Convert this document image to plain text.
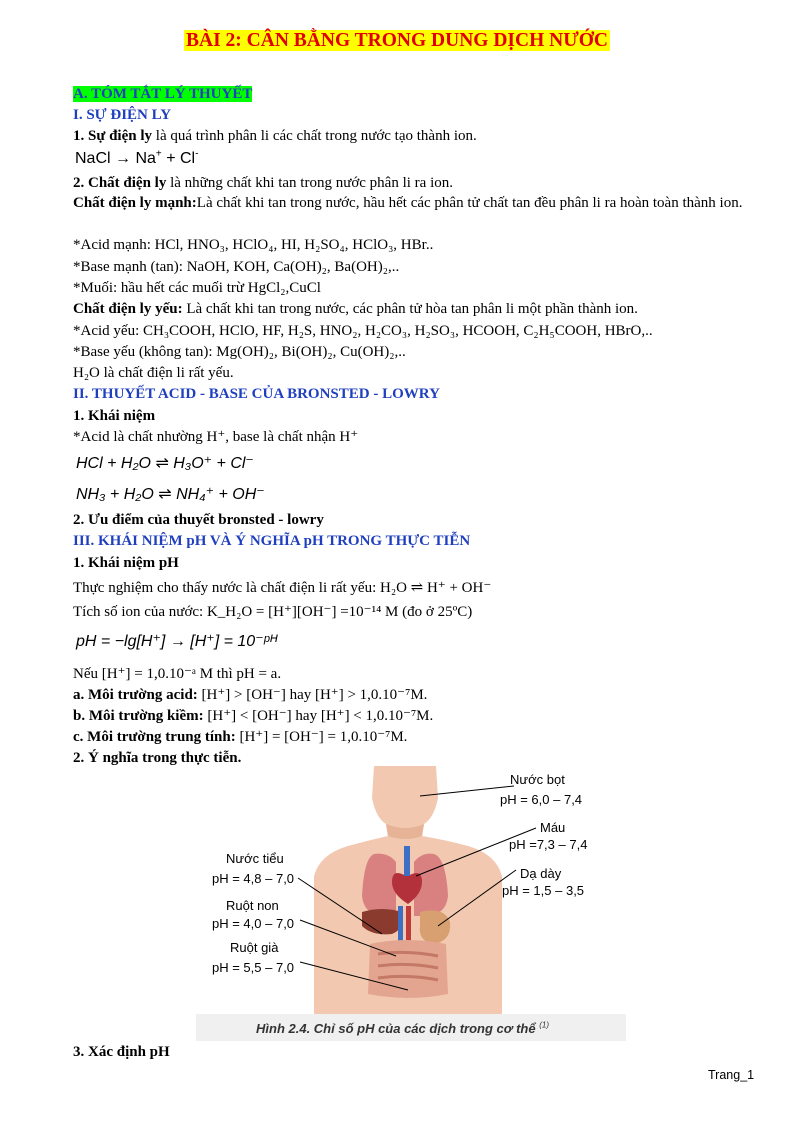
BÀI 2: CÂN BẰNG TRONG DUNG DỊCH NƯỚC
A. TÓM TẮT LÝ THUYẾT
I. SỰ ĐIỆN LY
1. Sự điện ly là quá trình phân li các chất trong nước tạo thành ion.
NaCl → Na+ + Cl-
2. Chất điện ly là những chất khi tan trong nước phân li ra ion.
Chất điện ly mạnh:Là chất khi tan trong nước, hầu hết các phân tử chất tan đều phân li ra hoàn toàn thành ion.
*Acid mạnh: HCl, HNO₃, HClO₄, HI, H₂SO₄, HClO₃, HBr..
*Base mạnh (tan): NaOH, KOH, Ca(OH)₂, Ba(OH)₂,..
*Muối: hầu hết các muối trừ HgCl₂,CuCl
Chất điện ly yếu: Là chất khi tan trong nước, các phân tử hòa tan phân li một phần thành ion.
*Acid yếu: CH₃COOH, HClO, HF, H₂S, HNO₂, H₂CO₃, H₂SO₃, HCOOH, C₂H₅COOH, HBrO,..
*Base yếu (không tan): Mg(OH)₂, Bi(OH)₂, Cu(OH)₂,..
H₂O là chất điện li rất yếu.
II. THUYẾT ACID - BASE CỦA BRONSTED - LOWRY
1. Khái niệm
*Acid là chất nhường H⁺, base là chất nhận H⁺
HCl + H₂O ⇌ H₃O⁺ + Cl⁻
NH₃ + H₂O ⇌ NH₄⁺ + OH⁻
2. Ưu điểm của thuyết bronsted - lowry
III. KHÁI NIỆM pH VÀ Ý NGHĨA pH TRONG THỰC TIỄN
1. Khái niệm pH
Thực nghiệm cho thấy nước là chất điện li rất yếu: H₂O ⇌ H⁺ + OH⁻
Tích số ion của nước: K_H₂O = [H⁺][OH⁻] =10⁻¹⁴ M (đo ở 25ºC)
pH = −lg[H⁺] → [H⁺] = 10⁻ᵖᴴ
Nếu [H⁺] = 1,0.10⁻ᵃ M thì pH = a.
a. Môi trường acid: [H⁺] > [OH⁻] hay [H⁺] > 1,0.10⁻⁷M.
b. Môi trường kiềm: [H⁺] < [OH⁻] hay [H⁺] < 1,0.10⁻⁷M.
c. Môi trường trung tính: [H⁺] = [OH⁻] = 1,0.10⁻⁷M.
2. Ý nghĩa trong thực tiễn.
Nước bọt
pH = 6,0 – 7,4
Máu
pH =7,3 – 7,4
Dạ dày
pH = 1,5 – 3,5
Nước tiểu
pH = 4,8 – 7,0
Ruột non
pH = 4,0 – 7,0
Ruột già
pH = 5,5 – 7,0
Hình 2.4. Chỉ số pH của các dịch trong cơ thể $^{(1)}$
3. Xác định pH
Trang_1
